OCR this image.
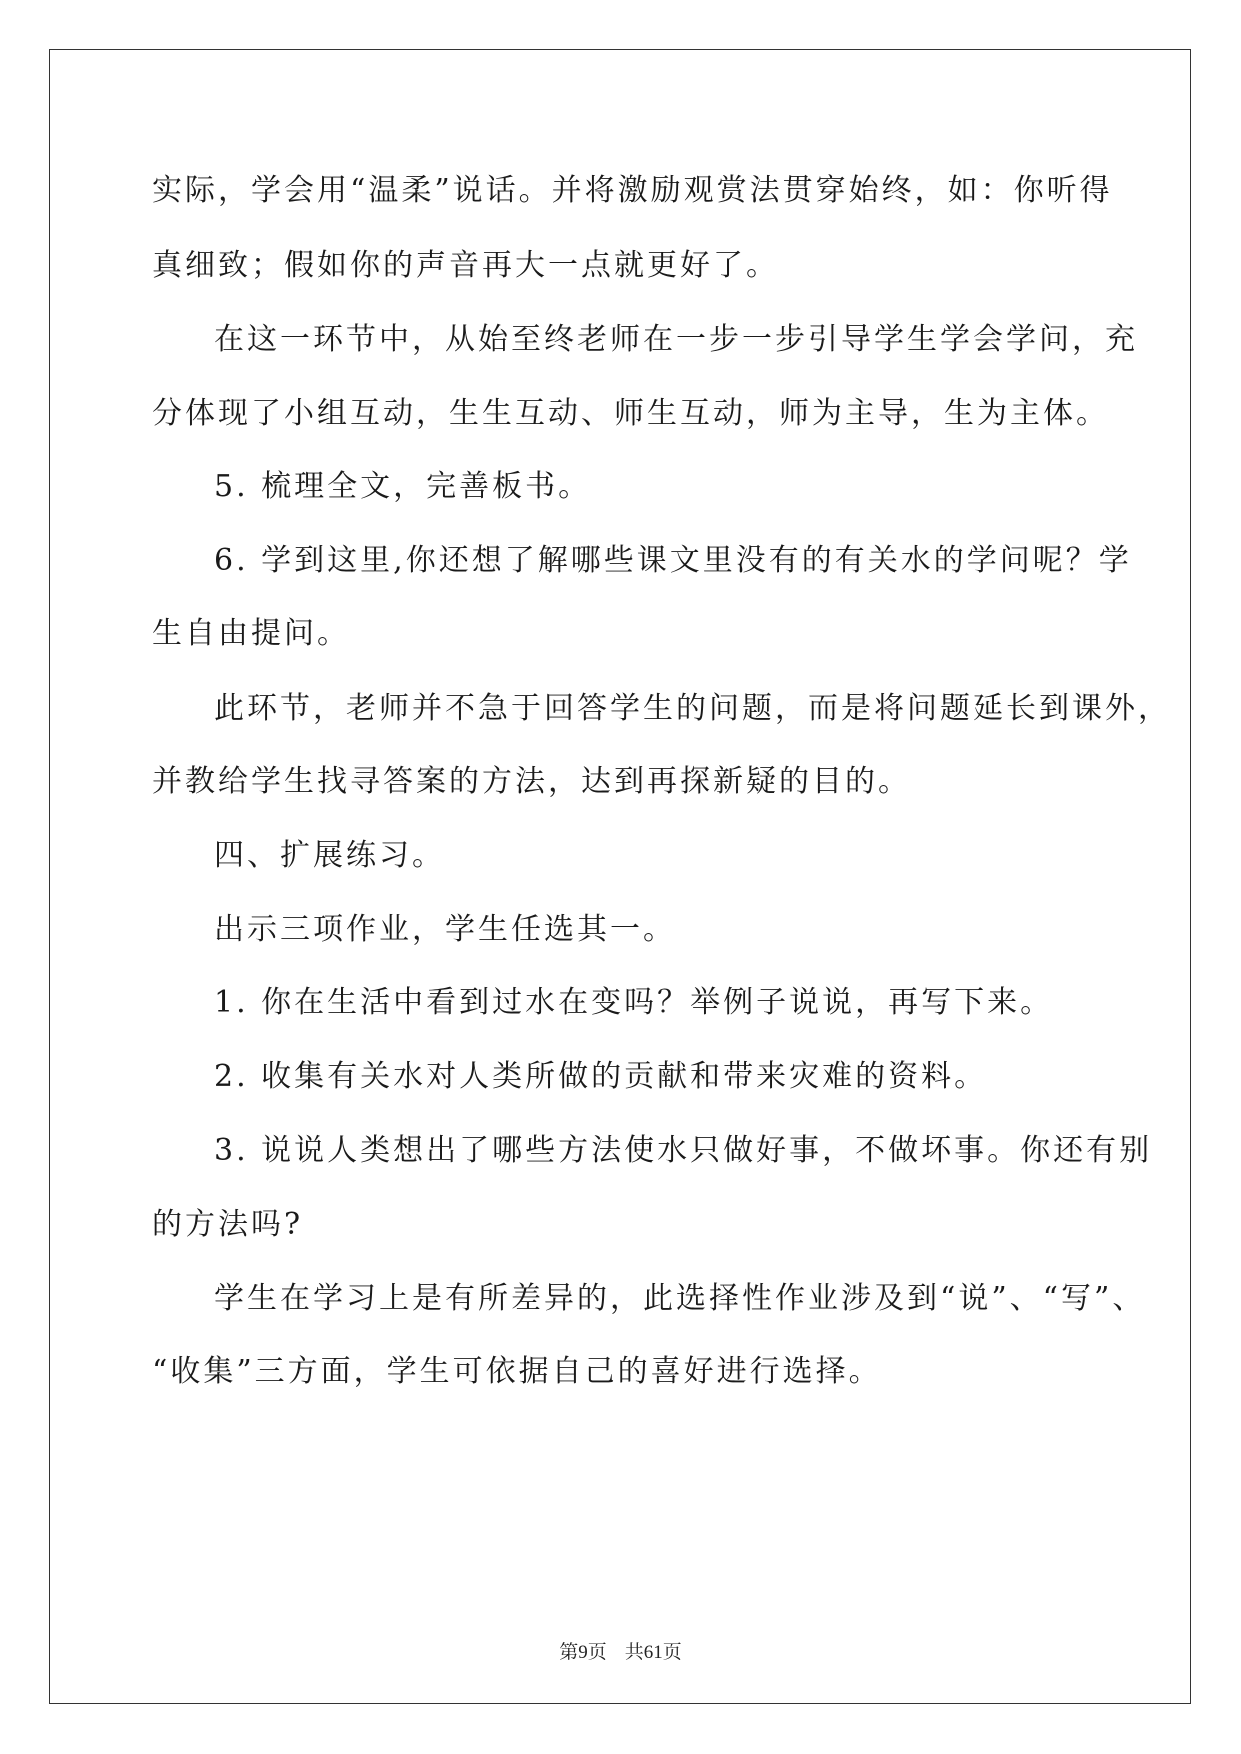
实际，学会用“温柔”说话。并将激励观赏法贯穿始终，如：你听得
真细致；假如你的声音再大一点就更好了。
在这一环节中，从始至终老师在一步一步引导学生学会学问，充
分体现了小组互动，生生互动、师生互动，师为主导，生为主体。
5. 梳理全文，完善板书。
6. 学到这里,你还想了解哪些课文里没有的有关水的学问呢？学
生自由提问。
此环节，老师并不急于回答学生的问题，而是将问题延长到课外，
并教给学生找寻答案的方法，达到再探新疑的目的。
四、扩展练习。
出示三项作业，学生任选其一。
1. 你在生活中看到过水在变吗？举例子说说，再写下来。
2. 收集有关水对人类所做的贡献和带来灾难的资料。
3. 说说人类想出了哪些方法使水只做好事，不做坏事。你还有别
的方法吗?
学生在学习上是有所差异的，此选择性作业涉及到“说”、“写”、
“收集”三方面，学生可依据自己的喜好进行选择。
第9页 共61页
